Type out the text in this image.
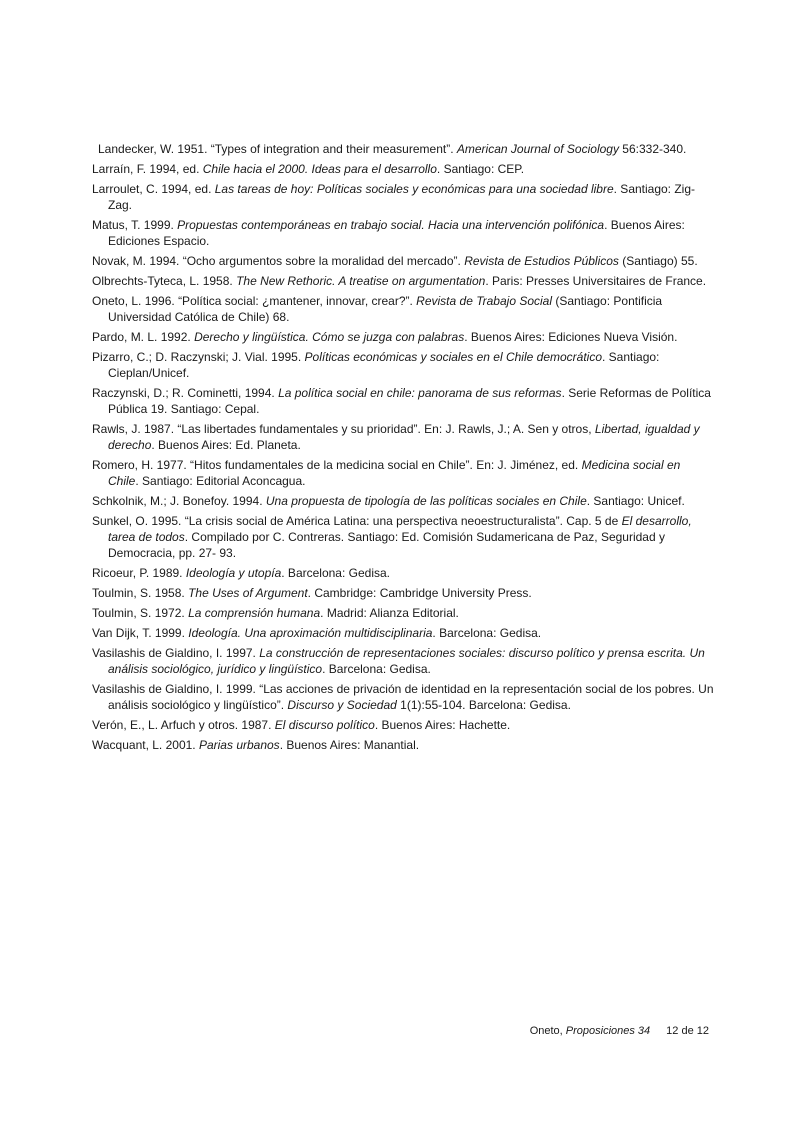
Landecker, W. 1951. “Types of integration and their measurement”. American Journal of Sociology 56:332-340.

Larraín, F. 1994, ed. Chile hacia el 2000. Ideas para el desarrollo. Santiago: CEP.

Larroulet, C. 1994, ed. Las tareas de hoy: Políticas sociales y económicas para una sociedad libre. Santiago: Zig-Zag.

Matus, T. 1999. Propuestas contemporáneas en trabajo social. Hacia una intervención polifónica. Buenos Aires: Ediciones Espacio.

Novak, M. 1994. “Ocho argumentos sobre la moralidad del mercado”. Revista de Estudios Públicos (Santiago) 55.

Olbrechts-Tyteca, L. 1958. The New Rethoric. A treatise on argumentation. Paris: Presses Universitaires de France.

Oneto, L. 1996. “Política social: ¿mantener, innovar, crear?”. Revista de Trabajo Social (Santiago: Pontificia Universidad Católica de Chile) 68.

Pardo, M. L. 1992. Derecho y lingüística. Cómo se juzga con palabras. Buenos Aires: Ediciones Nueva Visión.

Pizarro, C.; D. Raczynski; J. Vial. 1995. Políticas económicas y sociales en el Chile democrático. Santiago: Cieplan/Unicef.

Raczynski, D.; R. Cominetti, 1994. La política social en chile: panorama de sus reformas. Serie Reformas de Política Pública 19. Santiago: Cepal.

Rawls, J. 1987. “Las libertades fundamentales y su prioridad”. En: J. Rawls, J.; A. Sen y otros, Libertad, igualdad y derecho. Buenos Aires: Ed. Planeta.

Romero, H. 1977. “Hitos fundamentales de la medicina social en Chile”. En: J. Jiménez, ed. Medicina social en Chile. Santiago: Editorial Aconcagua.

Schkolnik, M.; J. Bonefoy. 1994. Una propuesta de tipología de las políticas sociales en Chile. Santiago: Unicef.

Sunkel, O. 1995. “La crisis social de América Latina: una perspectiva neoestructuralista”. Cap. 5 de El desarrollo, tarea de todos. Compilado por C. Contreras. Santiago: Ed. Comisión Sudamericana de Paz, Seguridad y Democracia, pp. 27- 93.

Ricoeur, P. 1989. Ideología y utopía. Barcelona: Gedisa.

Toulmin, S. 1958. The Uses of Argument. Cambridge: Cambridge University Press.

Toulmin, S. 1972. La comprensión humana. Madrid: Alianza Editorial.

Van Dijk, T. 1999. Ideología. Una aproximación multidisciplinaria. Barcelona: Gedisa.

Vasilashis de Gialdino, I. 1997. La construcción de representaciones sociales: discurso político y prensa escrita. Un análisis sociológico, jurídico y lingüístico. Barcelona: Gedisa.

Vasilashis de Gialdino, I. 1999. “Las acciones de privación de identidad en la representación social de los pobres. Un análisis sociológico y lingüístico”. Discurso y Sociedad 1(1):55-104. Barcelona: Gedisa.

Verón, E., L. Arfuch y otros. 1987. El discurso político. Buenos Aires: Hachette.

Wacquant, L. 2001. Parias urbanos. Buenos Aires: Manantial.

Oneto, Proposiciones 34 12 de 12
